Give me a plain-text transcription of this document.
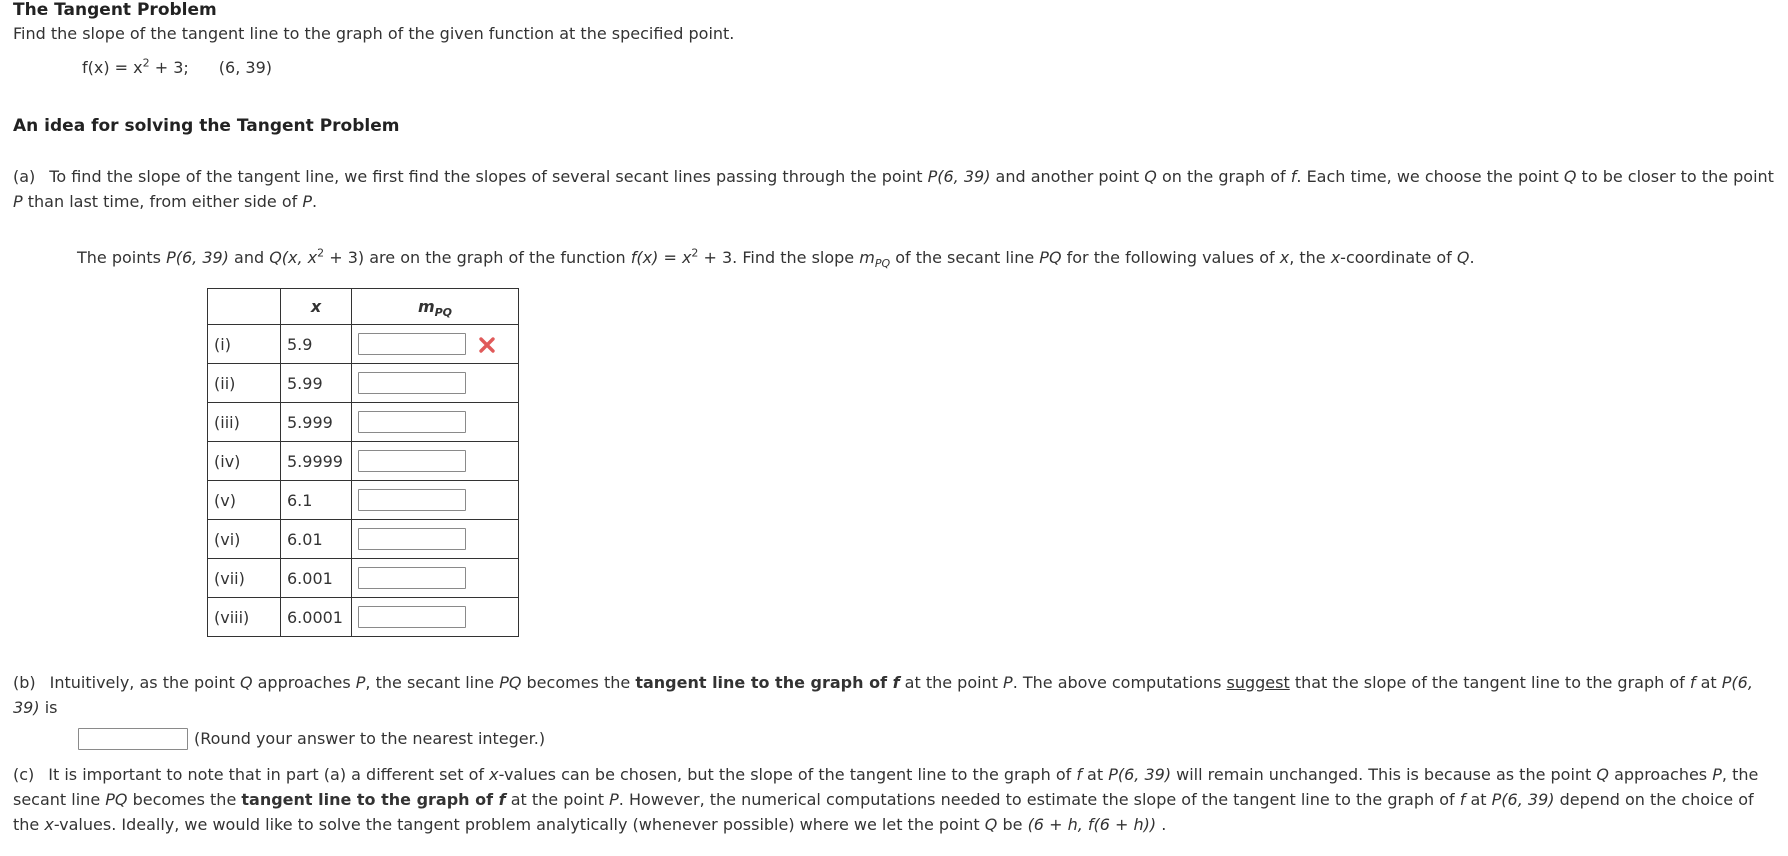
The Tangent Problem
Find the slope of the tangent line to the graph of the given function at the specified point.
$f(x) = x^2 + 3$; (6, 39)
An idea for solving the Tangent Problem
(a) To find the slope of the tangent line, we first find the slopes of several secant lines passing through the point P(6, 39) and another point Q on the graph of f. Each time, we choose the point Q to be closer to the point P than last time, from either side of P.
The points P(6, 39) and Q(x, $x^2 + 3$) are on the graph of the function $f(x) = x^2 + 3$. Find the slope $m_{PQ}$ of the secant line PQ for the following values of x, the x-coordinate of Q.
	x	$m_{PQ}$
(i)	5.9	
(ii)	5.99	
(iii)	5.999	
(iv)	5.9999	
(v)	6.1	
(vi)	6.01	
(vii)	6.001	
(viii)	6.0001	
(b) Intuitively, as the point Q approaches P, the secant line PQ becomes the tangent line to the graph of f at the point P. The above computations suggest that the slope of the tangent line to the graph of f at P(6, 39) is
(Round your answer to the nearest integer.)
(c) It is important to note that in part (a) a different set of x-values can be chosen, but the slope of the tangent line to the graph of f at P(6, 39) will remain unchanged. This is because as the point Q approaches P, the secant line PQ becomes the tangent line to the graph of f at the point P. However, the numerical computations needed to estimate the slope of the tangent line to the graph of f at P(6, 39) depend on the choice of the x-values. Ideally, we would like to solve the tangent problem analytically (whenever possible) where we let the point Q be (6 + h, f(6 + h)) .
